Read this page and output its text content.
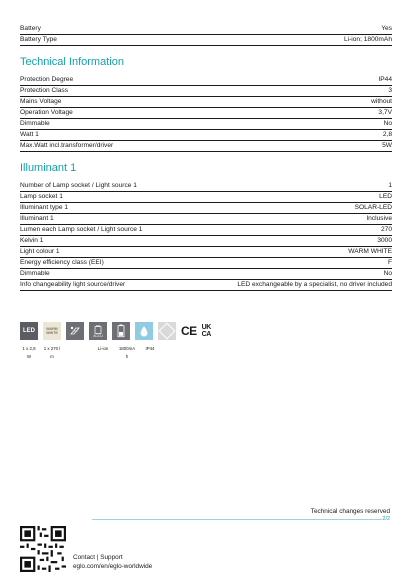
Battery	Yes
Battery Type	Li-ion; 1800mAh
Technical Information
Protection Degree	IP44
Protection Class	3
Mains Voltage	without
Operation Voltage	3,7V
Dimmable	No
Watt 1	2,8
Max.Watt incl.transformer/driver	5W
Illuminant 1
Number of Lamp socket / Light source 1	1
Lamp socket 1	LED
Illuminant type 1	SOLAR-LED
Illuminant 1	Inclusive
Lumen each Lamp socket / Light source 1	270
Kelvin 1	3000
Light colour 1	WARM WHITE
Energy efficiency class (EEI)	F
Dimmable	No
Info changeability light source/driver	LED exchangeable by a specialist, no driver included
LED	WARM
WHITE
ACCU	CE UK
CA
1 x 2,8
W
1 x 270 l
m
Li-ion	1800mA
h
IP44

Technical changes reserved
2/2
Contact | Support
eglo.com/en/eglo-worldwide
